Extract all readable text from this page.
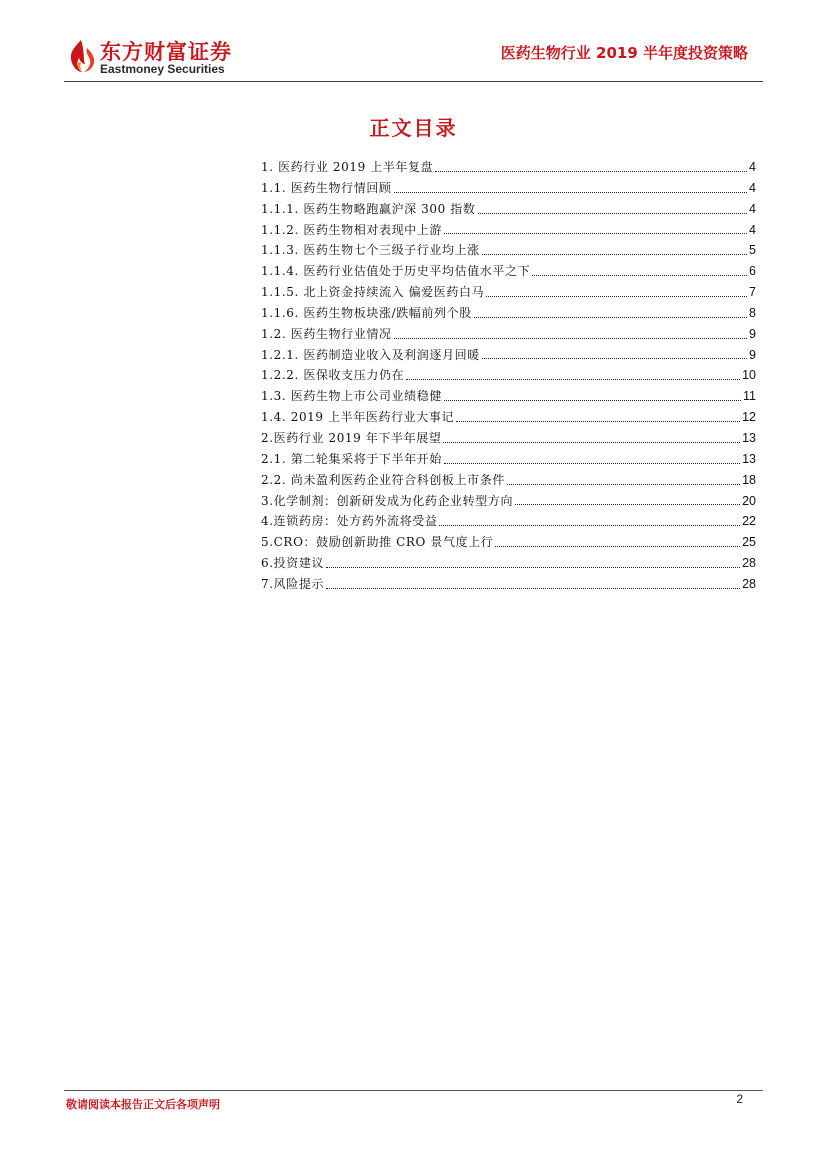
东方财富证券
Eastmoney Securities
医药生物行业 2019 半年度投资策略
正文目录
1. 医药行业 2019 上半年复盘	4
1.1. 医药生物行情回顾	4
1.1.1. 医药生物略跑赢沪深 300 指数	4
1.1.2. 医药生物相对表现中上游	4
1.1.3. 医药生物七个三级子行业均上涨	5
1.1.4. 医药行业估值处于历史平均估值水平之下	6
1.1.5. 北上资金持续流入 偏爱医药白马	7
1.1.6. 医药生物板块涨/跌幅前列个股	8
1.2. 医药生物行业情况	9
1.2.1. 医药制造业收入及利润逐月回暖	9
1.2.2. 医保收支压力仍在	10
1.3. 医药生物上市公司业绩稳健	11
1.4. 2019 上半年医药行业大事记	12
2.医药行业 2019 年下半年展望	13
2.1. 第二轮集采将于下半年开始	13
2.2. 尚未盈利医药企业符合科创板上市条件	18
3.化学制剂：创新研发成为化药企业转型方向	20
4.连锁药房：处方药外流将受益	22
5.CRO：鼓励创新助推 CRO 景气度上行	25
6.投资建议	28
7.风险提示	28
敬请阅读本报告正文后各项声明	2
